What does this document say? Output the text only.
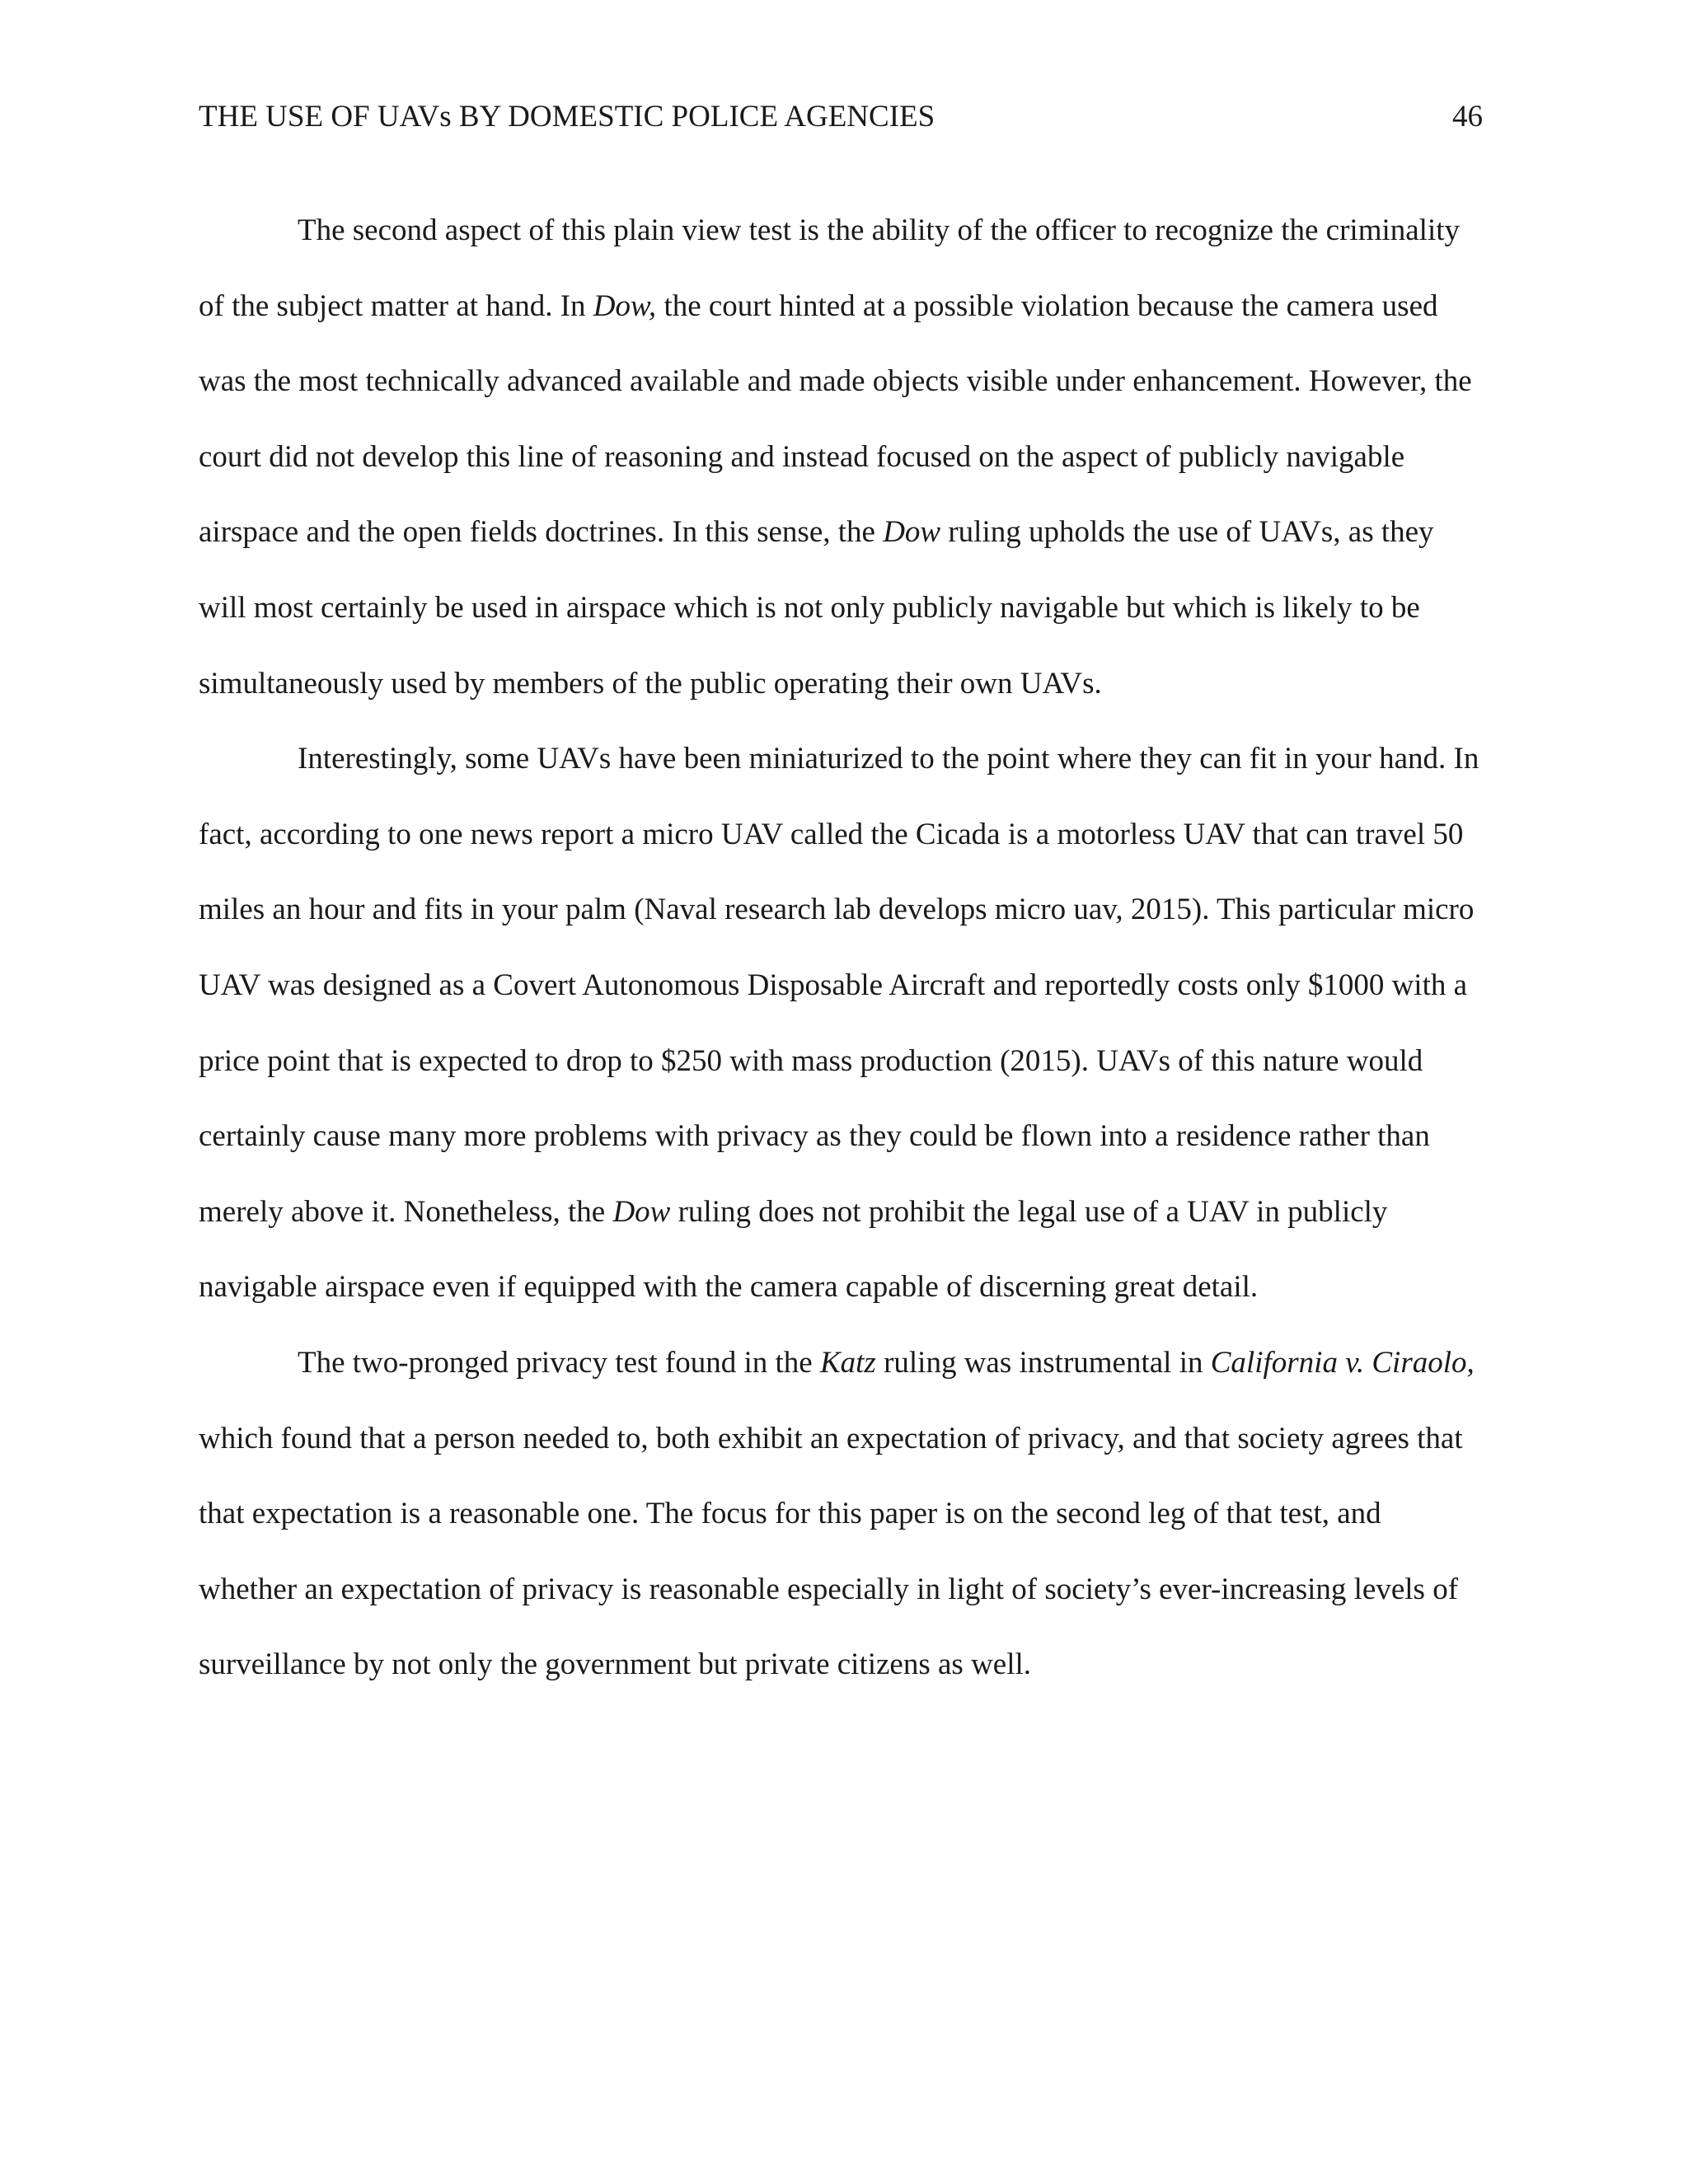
THE USE OF UAVs BY DOMESTIC POLICE AGENCIES	46

The second aspect of this plain view test is the ability of the officer to recognize the criminality of the subject matter at hand. In Dow, the court hinted at a possible violation because the camera used was the most technically advanced available and made objects visible under enhancement. However, the court did not develop this line of reasoning and instead focused on the aspect of publicly navigable airspace and the open fields doctrines. In this sense, the Dow ruling upholds the use of UAVs, as they will most certainly be used in airspace which is not only publicly navigable but which is likely to be simultaneously used by members of the public operating their own UAVs.

Interestingly, some UAVs have been miniaturized to the point where they can fit in your hand. In fact, according to one news report a micro UAV called the Cicada is a motorless UAV that can travel 50 miles an hour and fits in your palm (Naval research lab develops micro uav, 2015). This particular micro UAV was designed as a Covert Autonomous Disposable Aircraft and reportedly costs only $1000 with a price point that is expected to drop to $250 with mass production (2015). UAVs of this nature would certainly cause many more problems with privacy as they could be flown into a residence rather than merely above it. Nonetheless, the Dow ruling does not prohibit the legal use of a UAV in publicly navigable airspace even if equipped with the camera capable of discerning great detail.

The two-pronged privacy test found in the Katz ruling was instrumental in California v. Ciraolo, which found that a person needed to, both exhibit an expectation of privacy, and that society agrees that that expectation is a reasonable one. The focus for this paper is on the second leg of that test, and whether an expectation of privacy is reasonable especially in light of society’s ever-increasing levels of surveillance by not only the government but private citizens as well.
